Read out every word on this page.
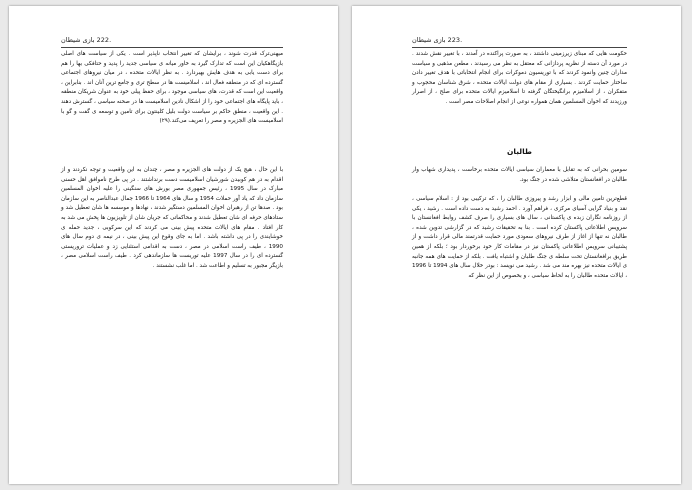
.222 بازی شیطان

میهنی‌ترک قدرت شوند ، برایشان که تغییر انتخاب ناپذیر است . یکی از سیاست های اصلی بازیگاهکیان این است که تدارک گیرد به خاور میانه ی سیاسی جدید را پدید و حتافکی بها را هم برای دست یابی به هدف هایش بهبردارد . به نظر ایالات متحده ، در میان نیروهای اجتماعی گسترده ای که در منطقه فعال اند ، اسلامیست ها در سطح تری و جامع ترین آنان اند . بنابراین ، واقعیت این است که قدرت، های سیاسی موجود ، برای حفظ پیلی خود به عنوان شریکان منطقه ، باید پایگاه های اجتماعی خود را از اشکال نادین اسلامیست ها در صحنه سیاسی ، گسترش دهند . این واقعیت ، منطق حاکم بر سیاست دولت بلیل کلینتون برای تامین و توسعه ی گفت و گو با اسلامیست های الجزیره و مصر را تعریف می‌کند.(۲۹)

با این حال ، هیچ یک از دولت های الجزیره و مصر ، چندان به این واقعیت و توجه نکردند و از اقدام به در هم کوبیدن شورشیان اسلامیست دست برنداشتند . در پی طرح ناموافق اهل حسنی مبارک در سال 1995 ، رئیس جمهوری مصر بورش های سنگینی را علیه اخوان المسلمین سازمان داد که یاد آور حملات 1954 و سال های 1964 تا 1966 جمال عبدالناصر به این سازمان بود . صدها تن از رهبران اخوان المسلمین دستگیر شدند ، نهادها و موسسه ها شان تعطیل شد و ستادهای حرفه ای شان تعطیل شدند و محاکماتی که جریان شان از تلویزیون ها پخش می شد به کار افتاد . مقام های ایالات متحده پیش بینی می کردند که این سرکوبی ، جدید حمله ی خوشایندی را در پی داشته باشد . اما به جای وقوع این پیش بینی ، در نیمه ی دوم سال های 1990 ، طیف راست اسلامی در مصر ، دست به اقدامی استثنایی زد و عملیات تروریستی گسترده ای را در سال 1997 علیه توریست ها سازماندهی کرد . طیف راست اسلامی مصر ، بازیگر مجبور به تسلیم و اطاعت شد . اما غلب نشستند .

.223 بازی شیطان

حکومت هایی که مبنای زیرزمینی داشتند ، به صورت پراکنده در آمدند ، با تغییر نقش شدند . در مورد آن دسته از نظریه پردازانی که معتقل به نظر می رسیدند ، مطعن مذهبی و سیاست مداران چنین وانمود کردند که با توریسیون دموکرات برای انجام انتخاباتی با هدف تغییر دادن ساختار حمایت کردند . بسیاری از مقام های دولت ایالات متحده ، شرق شناسان محجوب و متفکران ، از اسلامیزم برانگیختگان گرفته تا اسلامیزم ایالات متحده برای صلح ، از اصرار ورزیدند که اخوان المسلمین همان همواره نوعی از انجام اصلاحات مصر است .

طالبان

سومین بحرانی که به تقابل با معماران سیاسی ایالات متحده برخاست ، پدیداری شهاب وار طالبان در افغانستان متلاشی شده در جنگ بود.

قطع‌ترین تامین مالی و ابزار رشد و پیروزی طالبان را ، که ترکیبی بود از : اسلام سیاسی ، نقد و بنیاد گرایی آسیای مرکزی ، فراهم آورد . احمد رشید به دست داده است . رشید ، یکی از روزنامه نگاران زبده ی پاکستانی ، سال های بسیاری را صرف کشف روابط افغانستان با سرویس اطلاعاتی پاکستان کرده است . بنا به تحقیقات رشید که در گزارشی تدوین شده ، طالبان نه تنها از اغاز از طرف نیروهای سعودی مورد حمایت قدرتمند مالی قرار داشت و از پشتیبانی سرویس اطلاعاتی پاکستان نیز در مقامات کار خود برخوردار بود ؛ بلکه از همین طریق برافغانستان تحت سلطه ی جنگ طلبان و اشتباه یافت . بلکه از حمایت های همه جانبه ی ایالات متحده نیز بهره مند می شد . رشید می نویسد : بودر خلال سال های 1994 تا 1996 ، ایالات متحده طالبان را به لحاظ سیاسی ، و بخصوص از این نظر که
